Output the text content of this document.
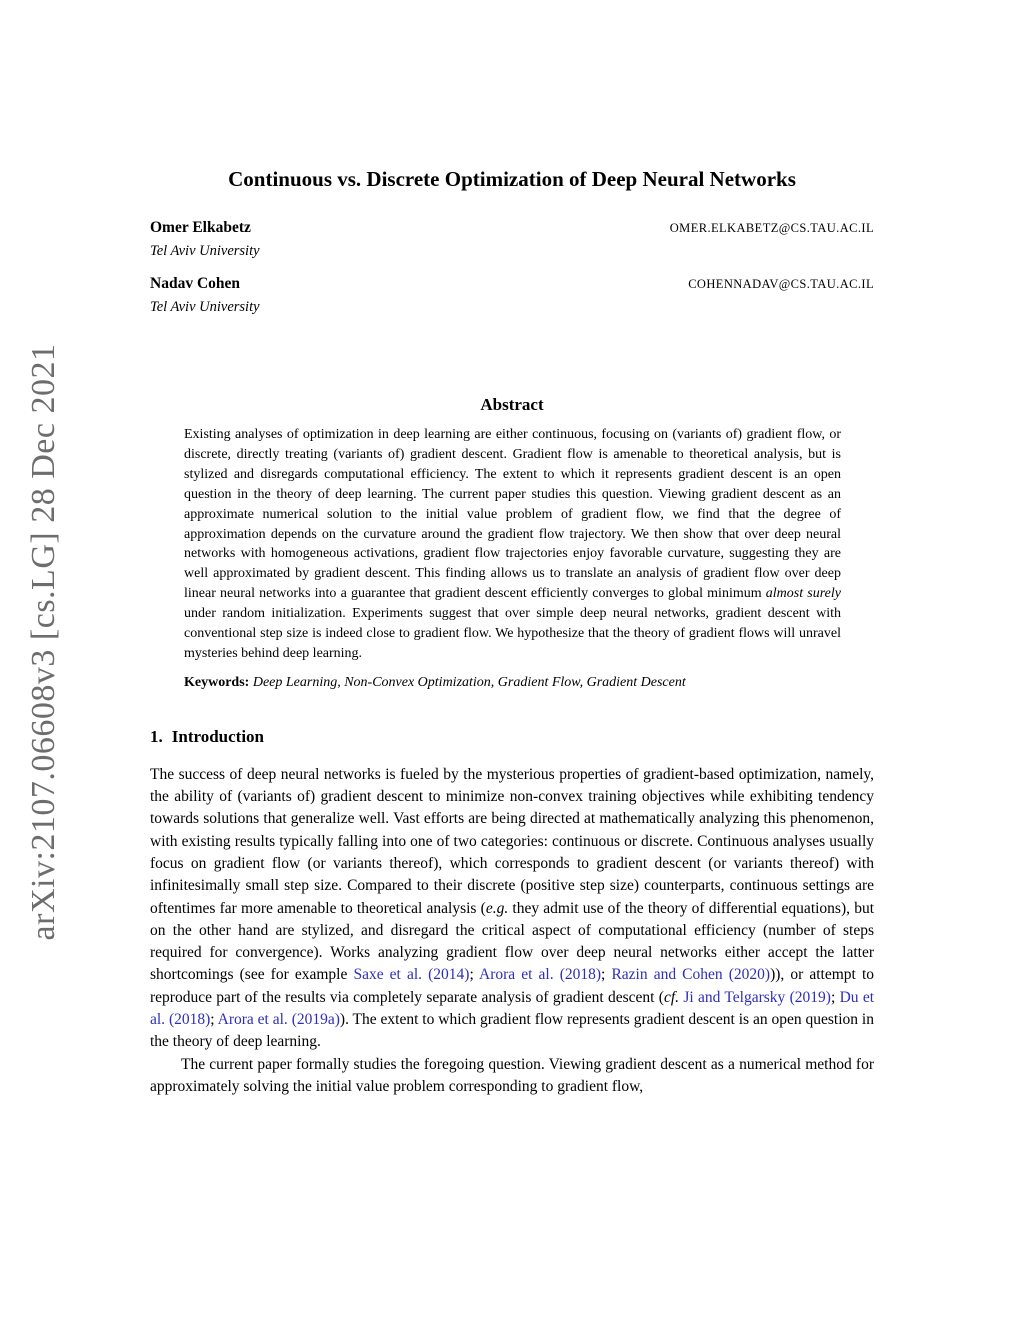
arXiv:2107.06608v3 [cs.LG] 28 Dec 2021
Continuous vs. Discrete Optimization of Deep Neural Networks
Omer Elkabetz	OMER.ELKABETZ@CS.TAU.AC.IL
Tel Aviv University
Nadav Cohen	COHENNADAV@CS.TAU.AC.IL
Tel Aviv University
Abstract

Existing analyses of optimization in deep learning are either continuous, focusing on (variants of) gradient flow, or discrete, directly treating (variants of) gradient descent. Gradient flow is amenable to theoretical analysis, but is stylized and disregards computational efficiency. The extent to which it represents gradient descent is an open question in the theory of deep learning. The current paper studies this question. Viewing gradient descent as an approximate numerical solution to the initial value problem of gradient flow, we find that the degree of approximation depends on the curvature around the gradient flow trajectory. We then show that over deep neural networks with homogeneous activations, gradient flow trajectories enjoy favorable curvature, suggesting they are well approximated by gradient descent. This finding allows us to translate an analysis of gradient flow over deep linear neural networks into a guarantee that gradient descent efficiently converges to global minimum almost surely under random initialization. Experiments suggest that over simple deep neural networks, gradient descent with conventional step size is indeed close to gradient flow. We hypothesize that the theory of gradient flows will unravel mysteries behind deep learning.

Keywords: Deep Learning, Non-Convex Optimization, Gradient Flow, Gradient Descent

1. Introduction

The success of deep neural networks is fueled by the mysterious properties of gradient-based optimization, namely, the ability of (variants of) gradient descent to minimize non-convex training objectives while exhibiting tendency towards solutions that generalize well. Vast efforts are being directed at mathematically analyzing this phenomenon, with existing results typically falling into one of two categories: continuous or discrete. Continuous analyses usually focus on gradient flow (or variants thereof), which corresponds to gradient descent (or variants thereof) with infinitesimally small step size. Compared to their discrete (positive step size) counterparts, continuous settings are oftentimes far more amenable to theoretical analysis (e.g. they admit use of the theory of differential equations), but on the other hand are stylized, and disregard the critical aspect of computational efficiency (number of steps required for convergence). Works analyzing gradient flow over deep neural networks either accept the latter shortcomings (see for example Saxe et al. (2014); Arora et al. (2018); Razin and Cohen (2020))), or attempt to reproduce part of the results via completely separate analysis of gradient descent (cf. Ji and Telgarsky (2019); Du et al. (2018); Arora et al. (2019a)). The extent to which gradient flow represents gradient descent is an open question in the theory of deep learning.

The current paper formally studies the foregoing question. Viewing gradient descent as a numerical method for approximately solving the initial value problem corresponding to gradient flow,
